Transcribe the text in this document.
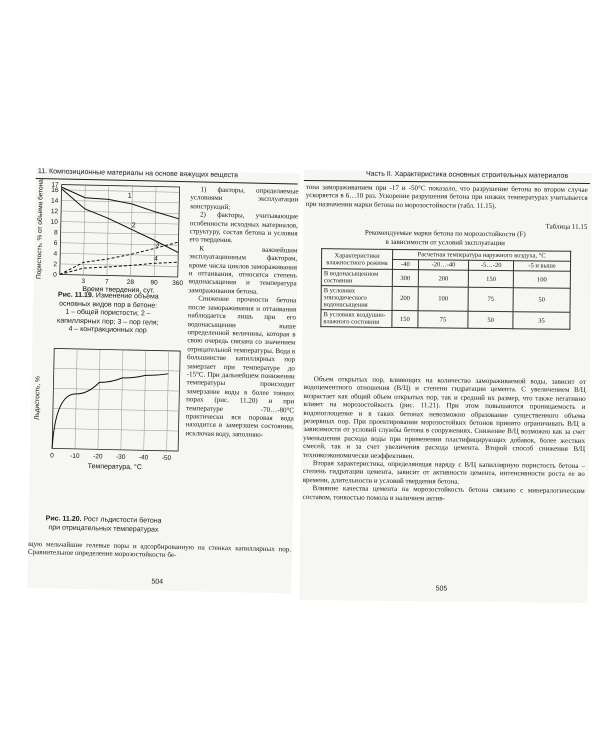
11. Композиционные материалы на основе вяжущих веществ
17
16
14
12
10
8
6
4
2
0
3	7	28 90 360
Время твердения, сут.
Пористость, % от объема бетона	1
2
3
4
Рис. 11.19. Изменение объема
основных видов пор в бетоне:
1 – общей пористости; 2 –
капиллярных пор; 3 – пор геля;
4 – контракционных пор
0 -10 -20 -30 -40 -50
Температура, °С
Льдистость, %
Рис. 11.20. Рост льдистости бетона
при отрицательных температурах

1) факторы, определяемые условиями эксплуатации конструкций;

2) факторы, учитывающие особенности исходных материалов, структуру, состав бетона и условия его твердения.

К важнейшим эксплуатационным факторам, кроме числа циклов замораживания и оттаивания, относятся степень водонасыщения и температура замораживания бетона.

Снижение прочности бетона после замораживания и оттаивания наблюдается лишь при его водонасыщении выше определенной величины, которая в свою очередь связана со значением отрицательной температуры. Вода в большинстве капиллярных пор замерзает при температуре до -15°С. При дальнейшем понижении температуры происходит замерзание воды в более тонких порах (рис. 11.20) и при температуре -70…-80°С практически вся поровая вода находится в замерзшем состоянии, исключая воду, заполняю-

щую мельчайшие гелевые поры и адсорбированную на стенках капиллярных пор. Сравнительное определение морозостойкости бе-

504
Часть II. Характеристика основных строительных материалов

тона замораживанием при -17 и -50°С показало, что разрушение бетона во втором случае ускоряется в 6…10 раз. Ускорение разрушения бетона при низких температурах учитывается при назначении марки бетона по морозостойкости (табл. 11.15).

Таблица 11.15
Рекомендуемые марки бетона по морозостойкости (F)
в зависимости от условий эксплуатации
Характеристики влажностного режима	Расчетная температура наружного воздуха, °С			
	-40	-20…-40	-5…-20	-5 и выше
В водонасыщенном состоянии	300	200	150	100
В условиях эпизодического водонасыщения	200	100	75	50
В условиях воздушно-влажного состояния	150	75	50	35

Объем открытых пор, влияющих на количество замораживаемой воды, зависит от водоцементного отношения (В/Ц) и степени гидратации цемента. С увеличением В/Ц возрастает как общий объем открытых пор, так и средний их размер, что также негативно влияет на морозостойкость (рис. 11.21). При этом повышаются проницаемость и водопоглощение и в таких бетонах невозможно образование существенного объема резервных пор. При проектировании морозостойких бетонов принято ограничивать В/Ц в зависимости от условий службы бетона в сооружениях. Снижение В/Ц возможно как за счет уменьшения расхода воды при применении пластифицирующих добавок, более жестких смесей, так и за счет увеличения расхода цемента. Второй способ снижения В/Ц техникоэкономически неэффективен.

Вторая характеристика, определяющая наряду с В/Ц капиллярную пористость бетона – степень гидратации цемента, зависит от активности цемента, интенсивности роста ее во времени, длительности и условий твердения бетона.

Влияние качества цемента на морозостойкость бетона связано с минералогическим составом, тонкостью помола и наличием актив-

505
